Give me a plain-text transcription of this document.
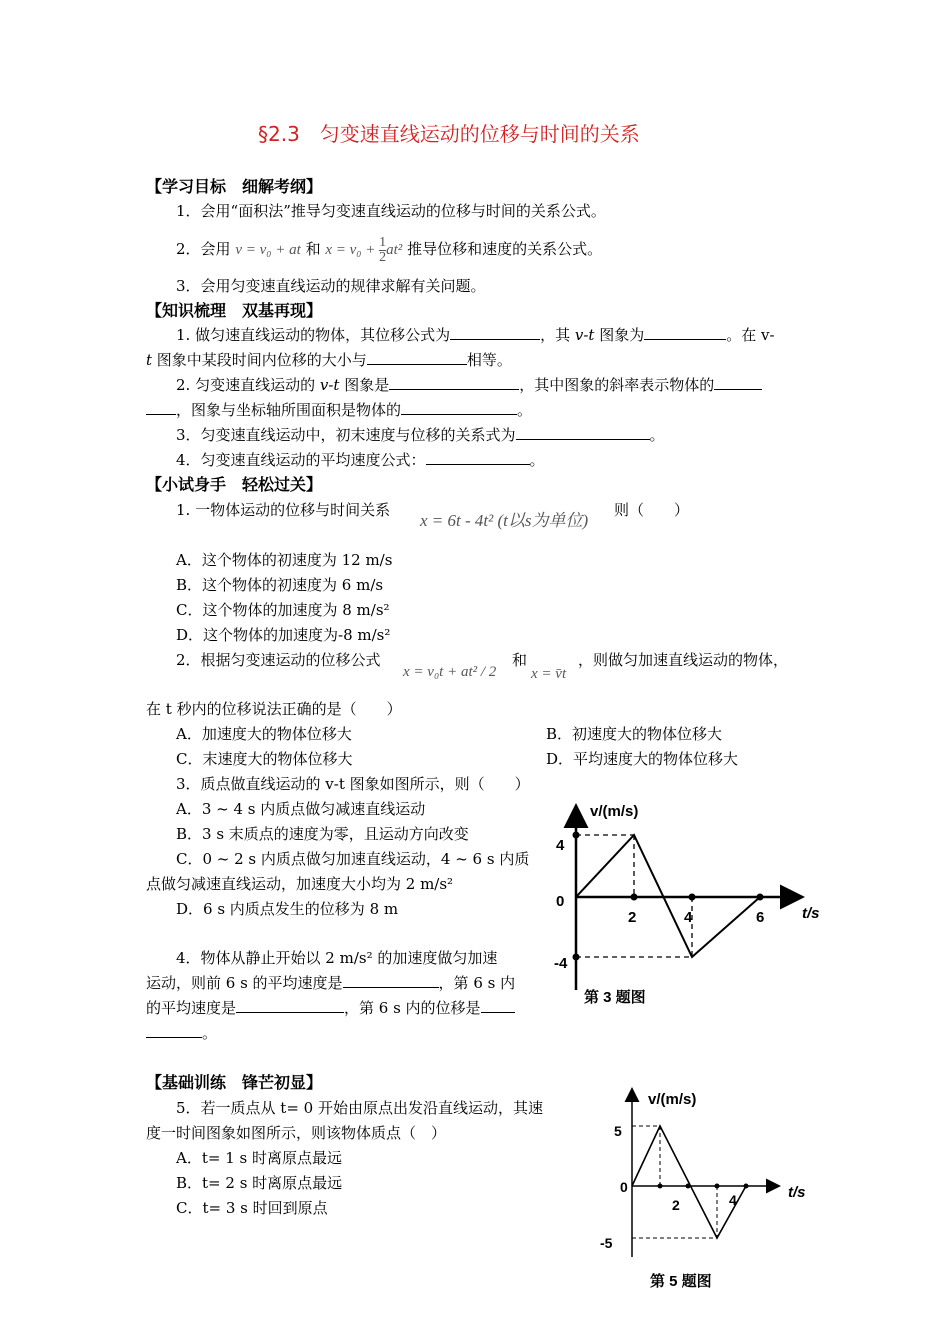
§2.3　匀变速直线运动的位移与时间的关系
【学习目标　细解考纲】
1．会用“面积法”推导匀变速直线运动的位移与时间的关系公式。
2．会用 v = v₀ + at 和 $x = v_0 + \frac{1}{2} at^2$ 推导位移和速度的关系公式。
3．会用匀变速直线运动的规律求解有关问题。
【知识梳理　双基再现】
1. 做匀速直线运动的物体，其位移公式为	，其 v-t 图象为	。在 v-
t 图象中某段时间内位移的大小与	相等。
2. 匀变速直线运动的 v-t 图象是	，其中图象的斜率表示物体的
，图象与坐标轴所围面积是物体的	。
3．匀变速直线运动中，初末速度与位移的关系式为	。
4．匀变速直线运动的平均速度公式：	。
【小试身手　轻松过关】
1. 一物体运动的位移与时间关系
x = 6t - 4t² (t以s为单位)
则（　　）
A．这个物体的初速度为 12 m/s
B．这个物体的初速度为 6 m/s
C．这个物体的加速度为 8 m/s²
D．这个物体的加速度为-8 m/s²
2．根据匀变速运动的位移公式
x = v₀t + at² / 2
和
x = v̄t
，则做匀加速直线运动的物体，
在 t 秒内的位移说法正确的是（　　）
A．加速度大的物体位移大	B．初速度大的物体位移大
C．末速度大的物体位移大	D．平均速度大的物体位移大
3．质点做直线运动的 v-t 图象如图所示，则（　　）
A．3 ~ 4 s 内质点做匀减速直线运动
B．3 s 末质点的速度为零，且运动方向改变
C．0 ~ 2 s 内质点做匀加速直线运动，4 ~ 6 s 内质
点做匀减速直线运动，加速度大小均为 2 m/s²
D．6 s 内质点发生的位移为 8 m
4．物体从静止开始以 2 m/s² 的加速度做匀加速
运动，则前 6 s 的平均速度是	，第 6 s 内
的平均速度是	，第 6 s 内的位移是
。
v/(m/s)
t/s
4
0
-4
2	4	6
第 3 题图
【基础训练　锋芒初显】
5．若一质点从 t= 0 开始由原点出发沿直线运动，其速
度一时间图象如图所示，则该物体质点（　）
A．t= 1 s 时离原点最远
B．t= 2 s 时离原点最远
C．t= 3 s 时回到原点
v/(m/s)
t/s
5
0
-5
2	4
第 5 题图
